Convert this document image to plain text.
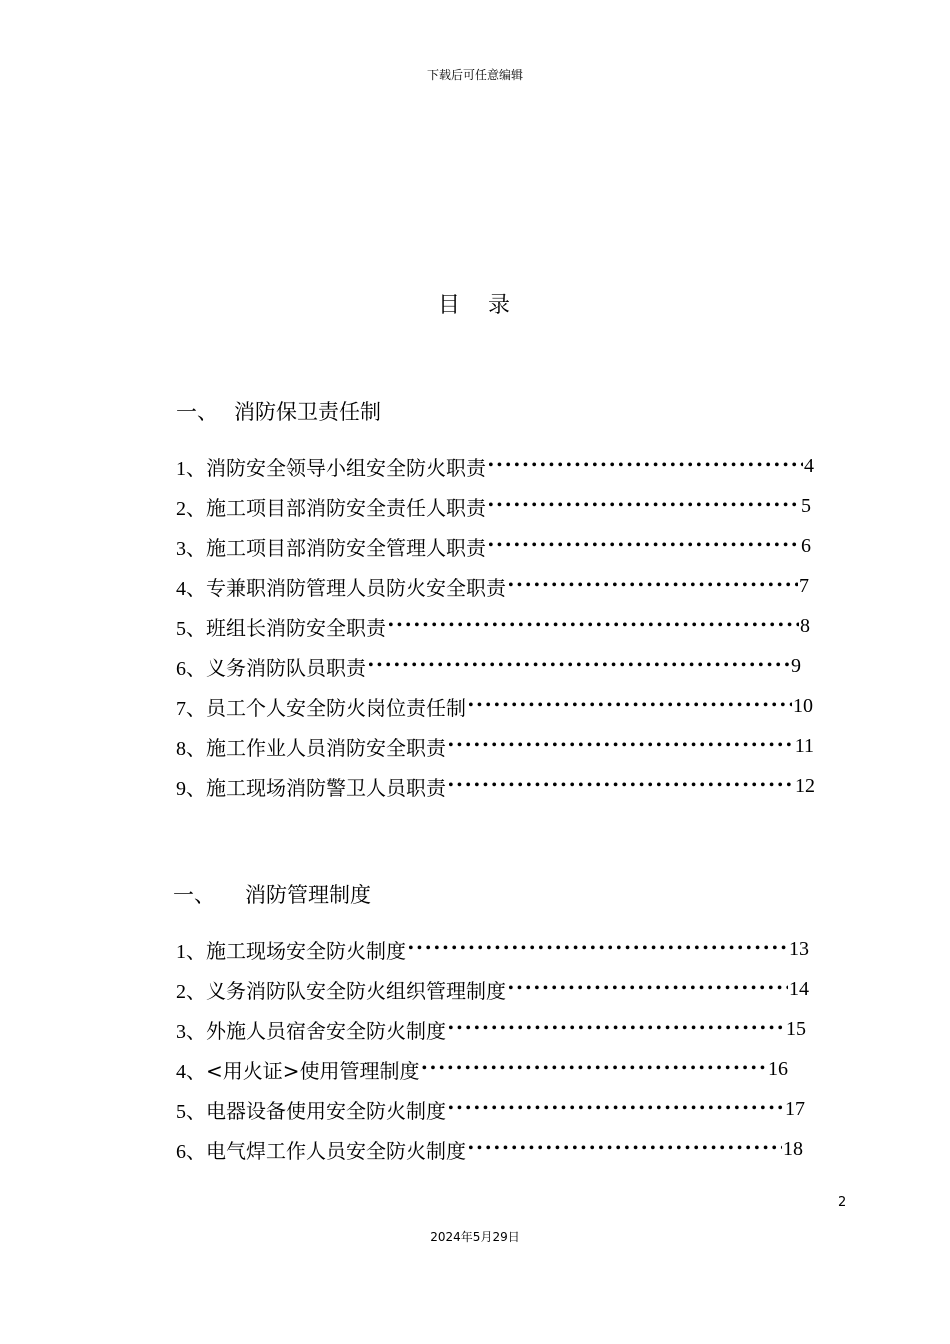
下载后可任意编辑
目 录
一、 消防保卫责任制
1、 消防安全领导小组安全防火职责 •••••	4
2、 施工项目部消防安全责任人职责 •••••	5
3、 施工项目部消防安全管理人职责 •••••	6
4、 专兼职消防管理人员防火安全职责 •••••	7
5、 班组长消防安全职责 •••••	8
6、 义务消防队员职责 •••••	9
7、 员工个人安全防火岗位责任制 •••••	10
8、 施工作业人员消防安全职责 •••••	11
9、 施工现场消防警卫人员职责 •••••	12
一、 消防管理制度
1、 施工现场安全防火制度 •••••	13
2、 义务消防队安全防火组织管理制度 •••••	14
3、 外施人员宿舍安全防火制度 •••••	15
4、 <用火证>使用管理制度 •••••	16
5、 电器设备使用安全防火制度 •••••	17
6、 电气焊工作人员安全防火制度 •••••	18
2
2024年5月29日
